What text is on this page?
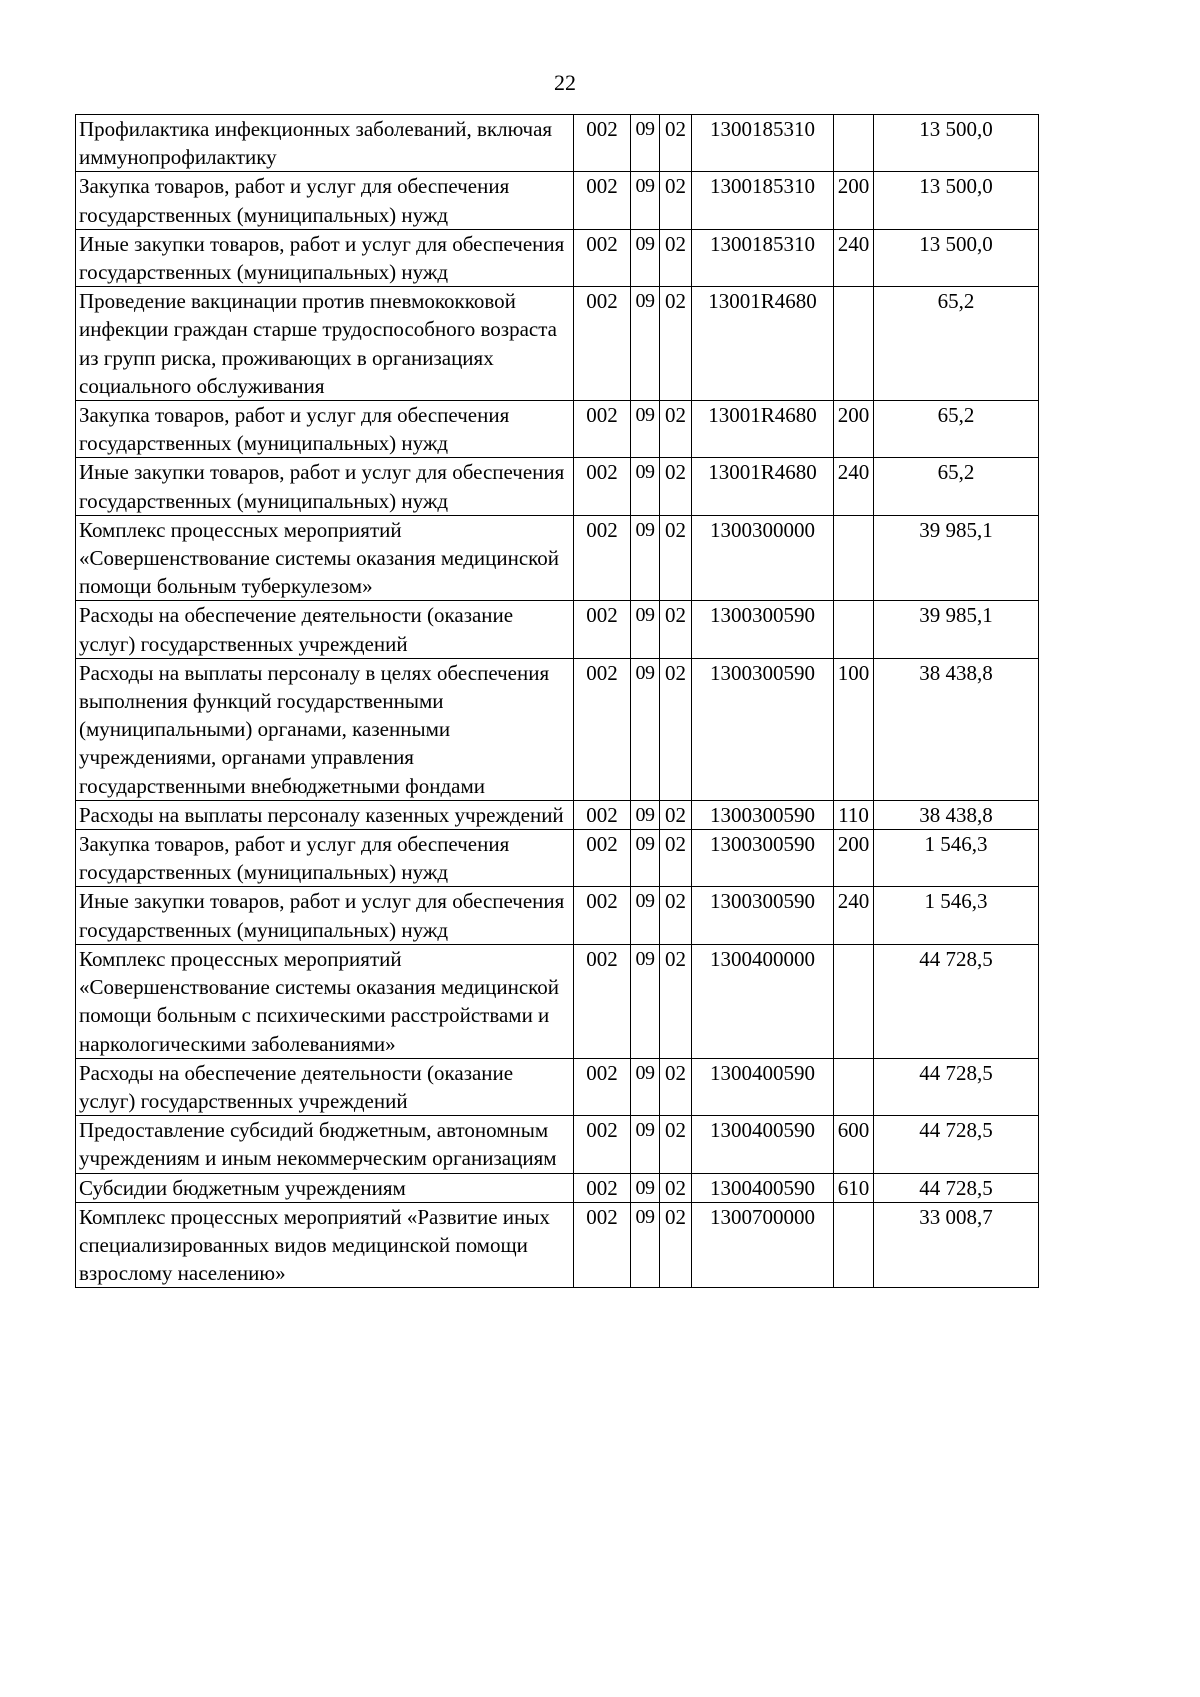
22
Профилактика инфекционных заболеваний, включая иммунопрофилактику	002	09	02	1300185310		13 500,0
Закупка товаров, работ и услуг для обеспечения государственных (муниципальных) нужд	002	09	02	1300185310	200	13 500,0
Иные закупки товаров, работ и услуг для обеспечения государственных (муниципальных) нужд	002	09	02	1300185310	240	13 500,0
Проведение вакцинации против пневмококковой инфекции граждан старше трудоспособного возраста из групп риска, проживающих в организациях социального обслуживания	002	09	02	13001R4680		65,2
Закупка товаров, работ и услуг для обеспечения государственных (муниципальных) нужд	002	09	02	13001R4680	200	65,2
Иные закупки товаров, работ и услуг для обеспечения государственных (муниципальных) нужд	002	09	02	13001R4680	240	65,2
Комплекс процессных мероприятий «Совершенствование системы оказания медицинской помощи больным туберкулезом»	002	09	02	1300300000		39 985,1
Расходы на обеспечение деятельности (оказание услуг) государственных учреждений	002	09	02	1300300590		39 985,1
Расходы на выплаты персоналу в целях обеспечения выполнения функций государственными (муниципальными) органами, казенными учреждениями, органами управления государственными внебюджетными фондами	002	09	02	1300300590	100	38 438,8
Расходы на выплаты персоналу казенных учреждений	002	09	02	1300300590	110	38 438,8
Закупка товаров, работ и услуг для обеспечения государственных (муниципальных) нужд	002	09	02	1300300590	200	1 546,3
Иные закупки товаров, работ и услуг для обеспечения государственных (муниципальных) нужд	002	09	02	1300300590	240	1 546,3
Комплекс процессных мероприятий «Совершенствование системы оказания медицинской помощи больным с психическими расстройствами и наркологическими заболеваниями»	002	09	02	1300400000		44 728,5
Расходы на обеспечение деятельности (оказание услуг) государственных учреждений	002	09	02	1300400590		44 728,5
Предоставление субсидий бюджетным, автономным учреждениям и иным некоммерческим организациям	002	09	02	1300400590	600	44 728,5
Субсидии бюджетным учреждениям	002	09	02	1300400590	610	44 728,5
Комплекс процессных мероприятий «Развитие иных специализированных видов медицинской помощи взрослому населению»	002	09	02	1300700000		33 008,7
